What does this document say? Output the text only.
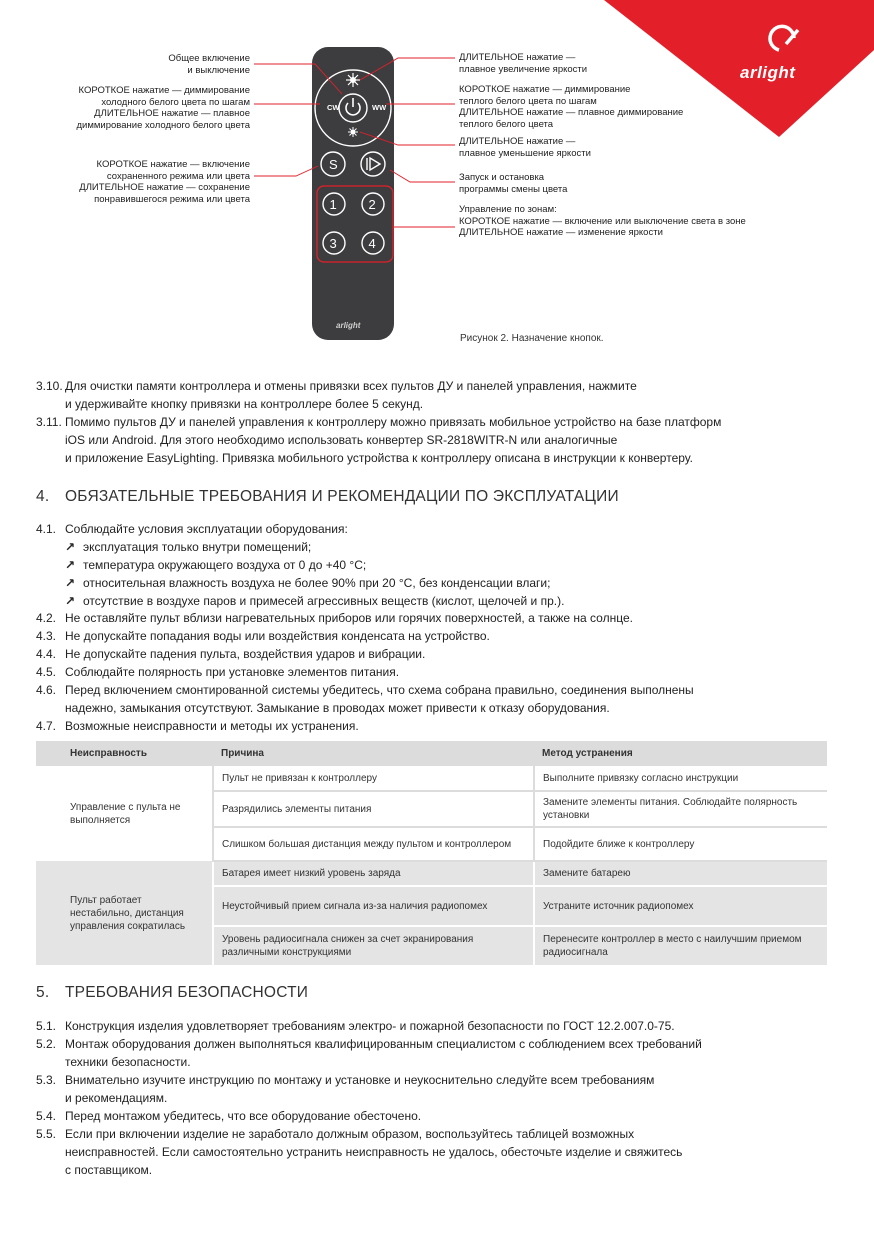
arlight
CW	WW
S
1 2
3 4
arlight
Общее включение
и выключение
КОРОТКОЕ нажатие — диммирование
холодного белого цвета по шагам
ДЛИТЕЛЬНОЕ нажатие — плавное
диммирование холодного белого цвета
КОРОТКОЕ нажатие — включение
сохраненного режима или цвета
ДЛИТЕЛЬНОЕ нажатие — сохранение
понравившегося режима или цвета
ДЛИТЕЛЬНОЕ нажатие —
плавное увеличение яркости
КОРОТКОЕ нажатие — диммирование
теплого белого цвета по шагам
ДЛИТЕЛЬНОЕ нажатие — плавное диммирование
теплого белого цвета
ДЛИТЕЛЬНОЕ нажатие —
плавное уменьшение яркости
Запуск и остановка
программы смены цвета
Управление по зонам:
КОРОТКОЕ нажатие — включение или выключение света в зоне
ДЛИТЕЛЬНОЕ нажатие — изменение яркости
Рисунок 2. Назначение кнопок.
3.10. Для очистки памяти контроллера и отмены привязки всех пультов ДУ и панелей управления, нажмите
и удерживайте кнопку привязки на контроллере более 5 секунд.
3.11. Помимо пультов ДУ и панелей управления к контроллеру можно привязать мобильное устройство на базе платформ
iOS или Android. Для этого необходимо использовать конвертер SR-2818WITR-N или аналогичные
и приложение EasyLighting. Привязка мобильного устройства к контроллеру описана в инструкции к конвертеру.
4. ОБЯЗАТЕЛЬНЫЕ ТРЕБОВАНИЯ И РЕКОМЕНДАЦИИ ПО ЭКСПЛУАТАЦИИ
4.1. Соблюдайте условия эксплуатации оборудования:
↗ эксплуатация только внутри помещений;
↗ температура окружающего воздуха от 0 до +40 °C;
↗ относительная влажность воздуха не более 90% при 20 °C, без конденсации влаги;
↗ отсутствие в воздухе паров и примесей агрессивных веществ (кислот, щелочей и пр.).
4.2. Не оставляйте пульт вблизи нагревательных приборов или горячих поверхностей, а также на солнце.
4.3. Не допускайте попадания воды или воздействия конденсата на устройство.
4.4. Не допускайте падения пульта, воздействия ударов и вибрации.
4.5. Соблюдайте полярность при установке элементов питания.
4.6. Перед включением смонтированной системы убедитесь, что схема собрана правильно, соединения выполнены
надежно, замыкания отсутствуют. Замыкание в проводах может привести к отказу оборудования.
4.7. Возможные неисправности и методы их устранения.
Неисправность	Причина	Метод устранения
Управление с пульта не выполняется	Пульт не привязан к контроллеру	Выполните привязку согласно инструкции
	Разрядились элементы питания	Замените элементы питания. Соблюдайте полярность установки
	Слишком большая дистанция между пультом и контроллером	Подойдите ближе к контроллеру
Пульт работает нестабильно, дистанция управления сократилась	Батарея имеет низкий уровень заряда	Замените батарею
	Неустойчивый прием сигнала из-за наличия радиопомех	Устраните источник радиопомех
	Уровень радиосигнала снижен за счет экранирования различными конструкциями	Перенесите контроллер в место с наилучшим приемом радиосигнала
5. ТРЕБОВАНИЯ БЕЗОПАСНОСТИ
5.1. Конструкция изделия удовлетворяет требованиям электро- и пожарной безопасности по ГОСТ 12.2.007.0-75.
5.2. Монтаж оборудования должен выполняться квалифицированным специалистом с соблюдением всех требований
техники безопасности.
5.3. Внимательно изучите инструкцию по монтажу и установке и неукоснительно следуйте всем требованиям
и рекомендациям.
5.4. Перед монтажом убедитесь, что все оборудование обесточено.
5.5. Если при включении изделие не заработало должным образом, воспользуйтесь таблицей возможных
неисправностей. Если самостоятельно устранить неисправность не удалось, обесточьте изделие и свяжитесь
с поставщиком.
